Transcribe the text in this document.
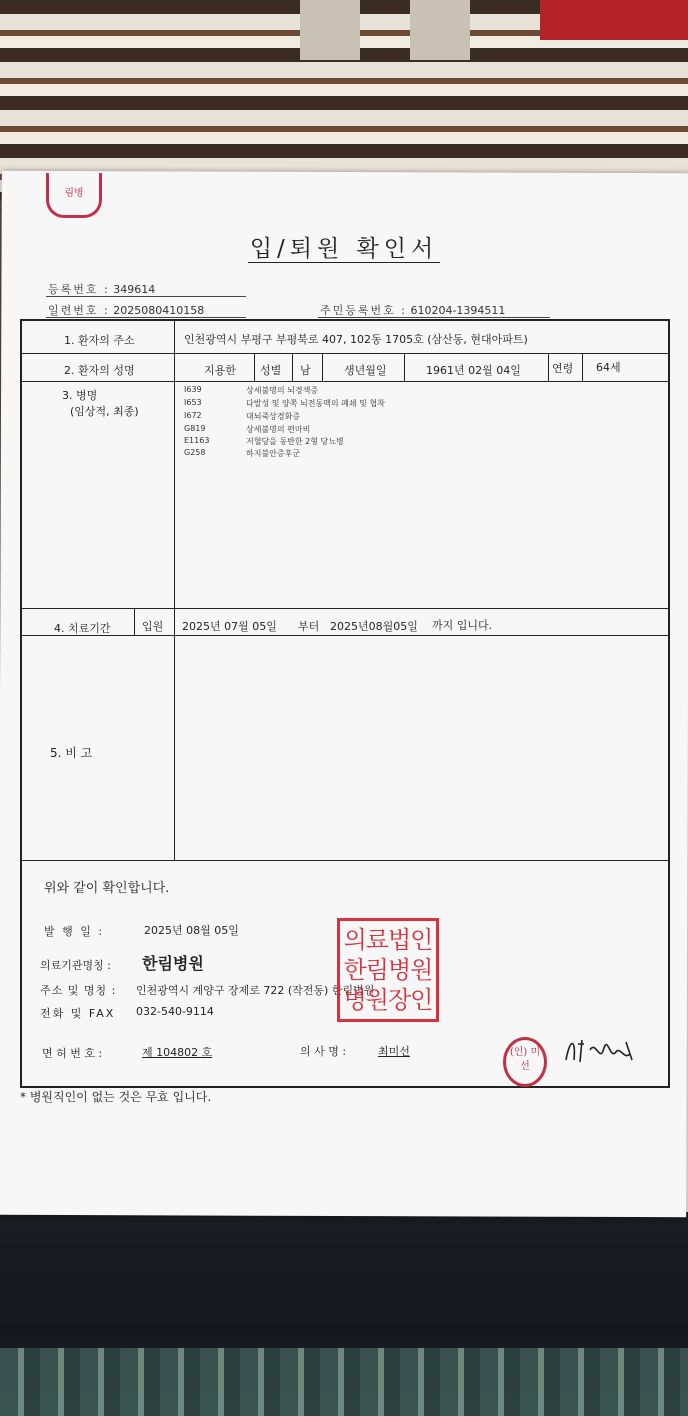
림병
입/퇴원 확인서
등록번호 : 349614
일련번호 : 2025080410158	주민등록번호 : 610204-1394511
1. 환자의 주소	인천광역시 부평구 부평북로 407, 102동 1705호 (삼산동, 현대아파트)
2. 환자의 성명	지용한 성별 남	생년월일	1961년 02월 04일	연령 64세
3. 병명
(임상적, 최종)
I639	상세불명의 뇌경색증
I653	다발성 및 양쪽 뇌전동맥의 폐쇄 및 협착
I672	대뇌죽상경화증
G819	상세불명의 편마비
E1163	저혈당을 동반한 2형 당뇨병
G258	하지불안증후군
4. 치료기간	입원 2025년 07월 05일 부터 2025년08월05일 까지 입니다.
5. 비 고
위와 같이 확인합니다.
발 행 일 :	2025년 08월 05일
의료기관명칭 : 한림병원
주소 및 명칭 : 인천광역시 계양구 장제로 722 (작전동) 한림병원
전화 및 FAX 032-540-9114
면 허 번 호 :	제 104802 호	의 사 명 :	최미선
의료법인 한림병원 병원장인
(인) 미선
* 병원직인이 없는 것은 무효 입니다.
